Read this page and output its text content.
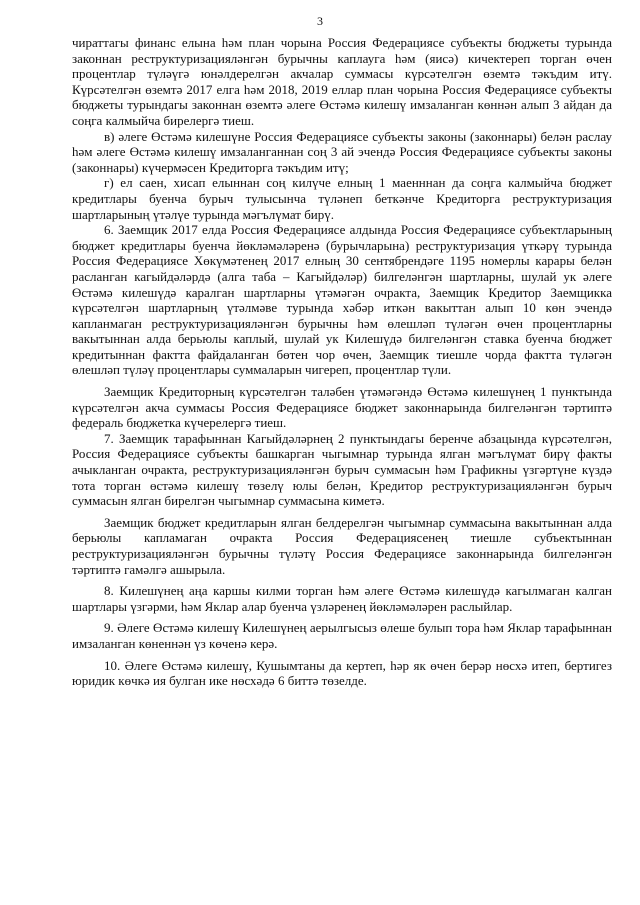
3

чираттагы финанс елына һәм план чорына Россия Федерациясе субъекты бюджеты турында законнан реструктуризацияләнгән бурычны каплауга һәм (яисә) кичектереп торган өчен процентлар түләүгә юнәлдерелгән акчалар суммасы күрсәтелгән өземтә тәкъдим итү. Күрсәтелгән өземтә 2017 елга һәм 2018, 2019 еллар план чорына Россия Федерациясе субъекты бюджеты турындагы законнан өземтә әлеге Өстәмә килешү имзаланган көннән алып 3 айдан да соңга калмыйча бирелергә тиеш.

в) әлеге Өстәмә килешүне Россия Федерациясе субъекты законы (законнары) белән раслау һәм әлеге Өстәмә килешү имзаланганнан соң 3 ай эчендә Россия Федерациясе субъекты законы (законнары) күчермәсен Кредиторга тәкъдим итү;

г) ел саен, хисап елыннан соң килүче елның 1 маенннан да соңга калмыйча бюджет кредитлары буенча бурыч тулысынча түләнеп беткәнче Кредиторга реструктуризация шартларының үтәлүе турында мәгълүмат бирү.

6. Заемщик 2017 елда Россия Федерациясе алдында Россия Федерациясе субъектларының бюджет кредитлары буенча йөкләмәләренә (бурычларына) реструктуризация үткәрү турында Россия Федерациясе Хөкүмәтенең 2017 елның 30 сентябрендәге 1195 номерлы карары белән расланган кагыйдәләрдә (алга таба – Кагыйдәләр) билгеләнгән шартларны, шулай ук әлеге Өстәмә килешүдә каралган шартларны үтәмәгән очракта, Заемщик Кредитор Заемщикка күрсәтелгән шартларның үтәлмәве турында хәбәр иткән вакыттан алып 10 көн эчендә капланмаган реструктуризацияләнгән бурычны һәм өлешләп түләгән өчен процентларны вакытыннан алда берьюлы каплый, шулай ук Килешүдә билгеләнгән ставка буенча бюджет кредитыннан фактта файдаланган бөтен чор өчен, Заемщик тиешле чорда фактта түләгән өлешләп түләү процентлары суммаларын чигереп, процентлар түли.

Заемщик Кредиторның күрсәтелгән таләбен үтәмәгәндә Өстәмә килешүнең 1 пунктында күрсәтелгән акча суммасы Россия Федерациясе бюджет законнарында билгеләнгән тәртиптә федераль бюджетка күчерелергә тиеш.

7. Заемщик тарафыннан Кагыйдәләрнең 2 пунктындагы беренче абзацында күрсәтелгән, Россия Федерациясе субъекты башкарган чыгымнар турында ялган мәгълүмат бирү факты ачыкланган очракта, реструктуризацияләнгән бурыч суммасын һәм Графикны үзгәртүне күздә тота торган өстәмә килешү төзелү юлы белән, Кредитор реструктуризацияләнгән бурыч суммасын ялган бирелгән чыгымнар суммасына киметә.

Заемщик бюджет кредитларын ялган белдерелгән чыгымнар суммасына вакытыннан алда берьюлы капламаган очракта Россия Федерациясенең тиешле субъектыннан реструктуризацияләнгән бурычны түләтү Россия Федерациясе законнарында билгеләнгән тәртиптә гамәлгә ашырыла.

8. Килешүнең аңа каршы килми торган һәм әлеге Өстәмә килешүдә кагылмаган калган шартлары үзгәрми, һәм Яклар алар буенча үзләренең йөкләмәләрен раслыйлар.

9. Әлеге Өстәмә килешү Килешүнең аерылгысыз өлеше булып тора һәм Яклар тарафыннан имзаланган көненнән үз көченә керә.

10. Әлеге Өстәмә килешү, Кушымтаны да кертеп, һәр як өчен берәр нөсхә итеп, бертигез юридик көчкә ия булган ике нөсхәдә 6 биттә төзелде.
